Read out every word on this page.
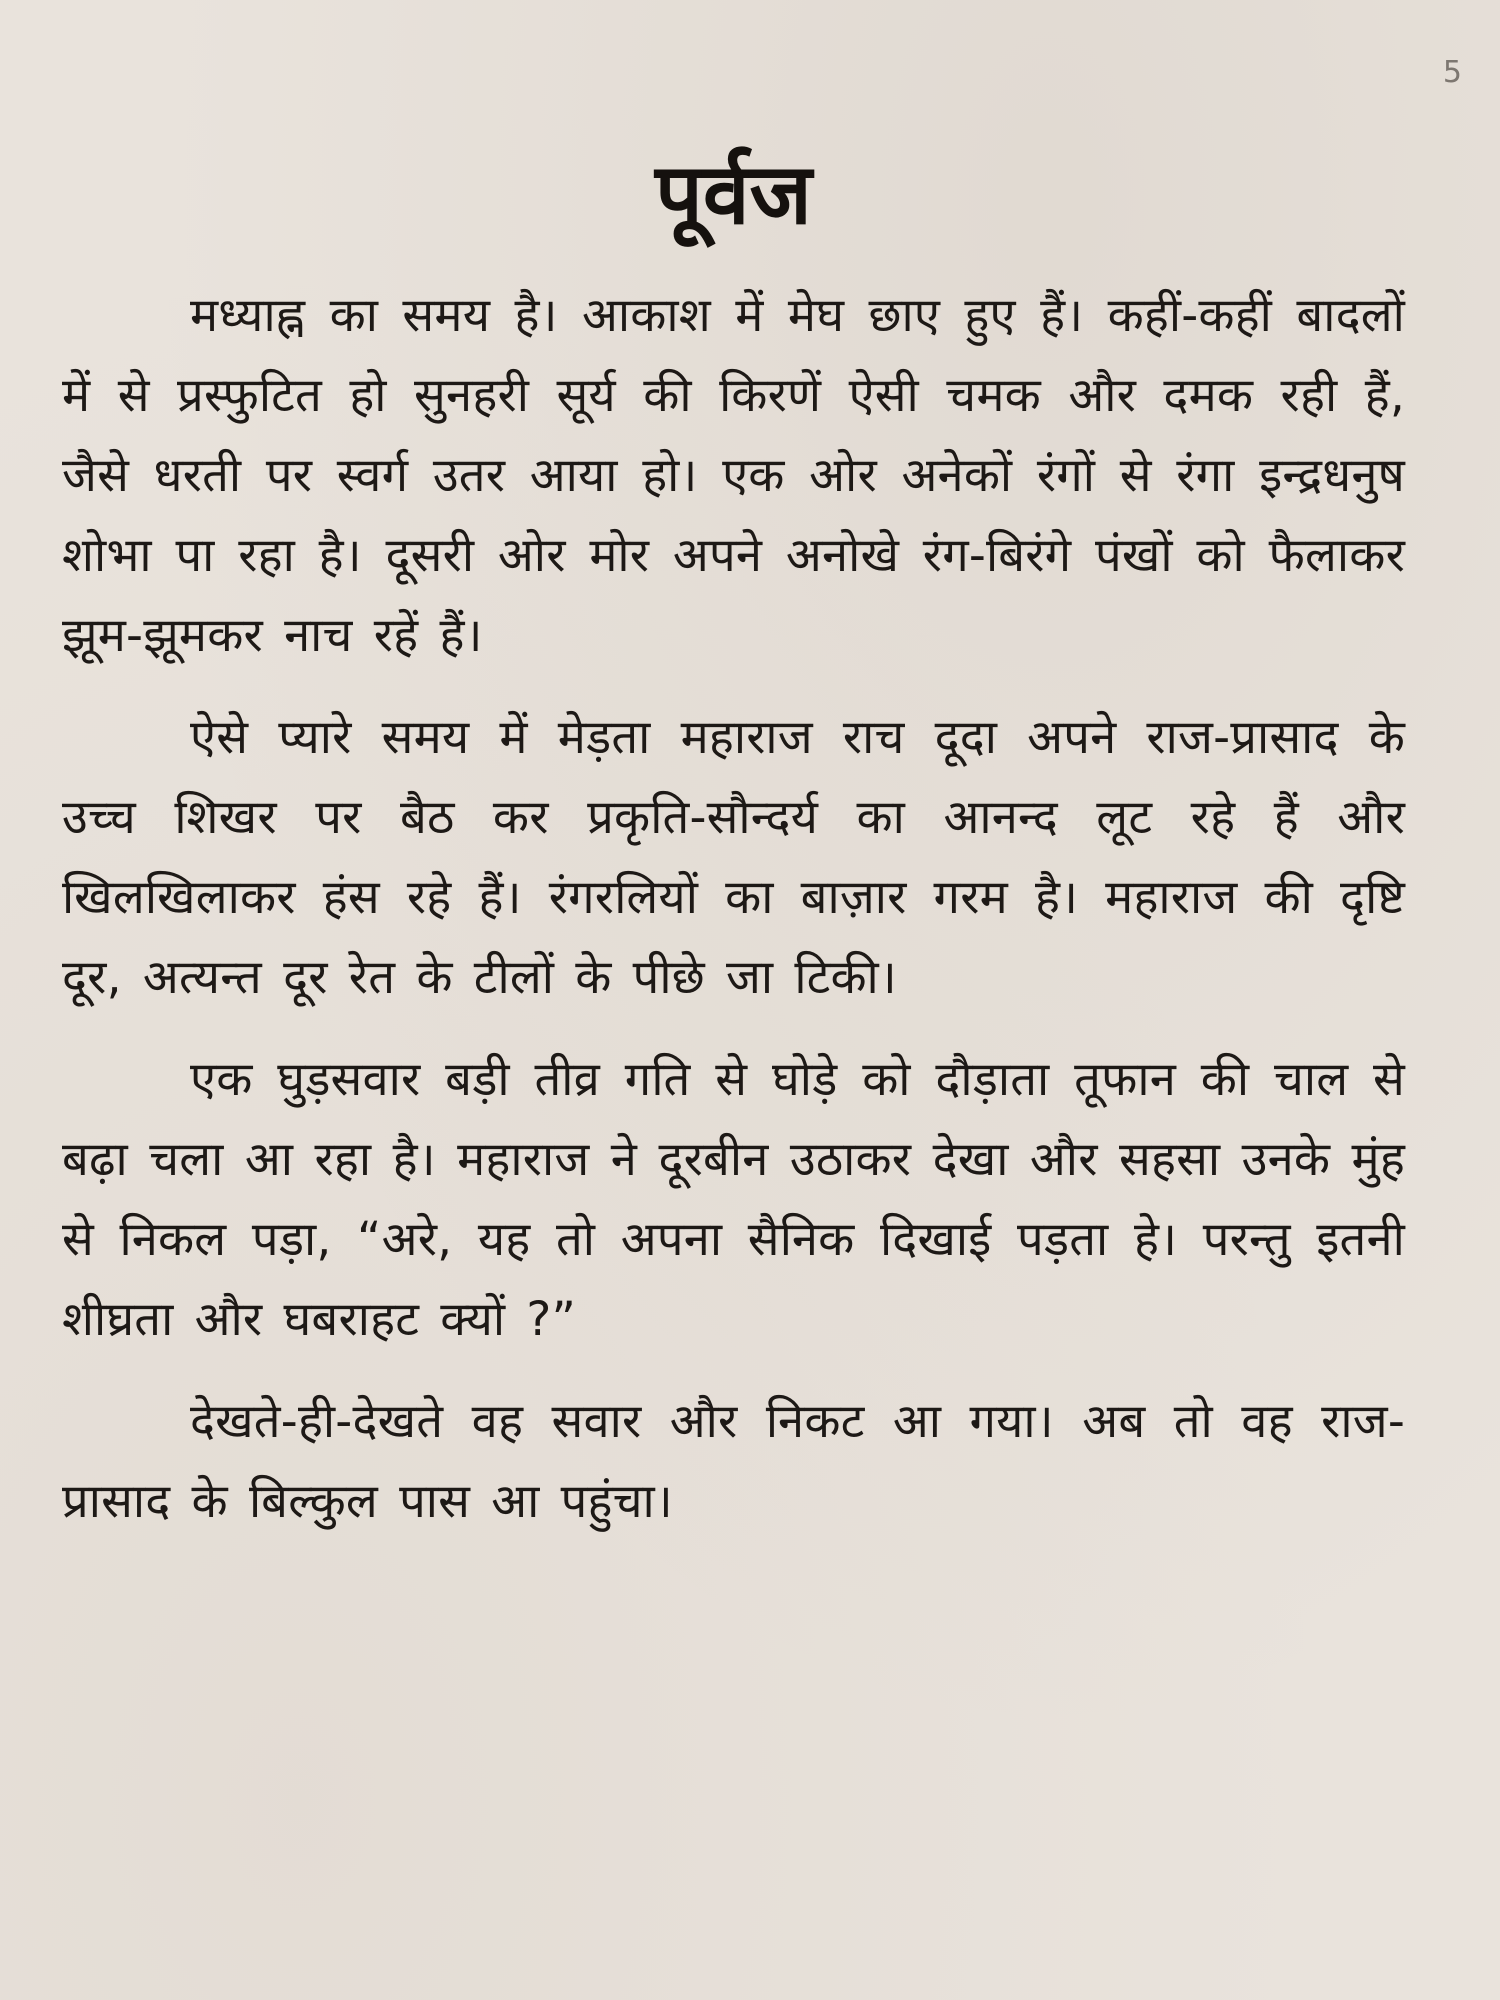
5
पूर्वज

मध्याह्न का समय है। आकाश में मेघ छाए हुए हैं। कहीं-कहीं बादलों में से प्रस्फुटित हो सुनहरी सूर्य की किरणें ऐसी चमक और दमक रही हैं, जैसे धरती पर स्वर्ग उतर आया हो। एक ओर अनेकों रंगों से रंगा इन्द्रधनुष शोभा पा रहा है। दूसरी ओर मोर अपने अनोखे रंग-बिरंगे पंखों को फैलाकर झूम-झूमकर नाच रहें हैं।

ऐसे प्यारे समय में मेड़ता महाराज राच दूदा अपने राज-प्रासाद के उच्च शिखर पर बैठ कर प्रकृति-सौन्दर्य का आनन्द लूट रहे हैं और खिलखिलाकर हंस रहे हैं। रंगरलियों का बाज़ार गरम है। महाराज की दृष्टि दूर, अत्यन्त दूर रेत के टीलों के पीछे जा टिकी।

एक घुड़सवार बड़ी तीव्र गति से घोड़े को दौड़ाता तूफान की चाल से बढ़ा चला आ रहा है। महाराज ने दूरबीन उठाकर देखा और सहसा उनके मुंह से निकल पड़ा, “अरे, यह तो अपना सैनिक दिखाई पड़ता हे। परन्तु इतनी शीघ्रता और घबराहट क्यों ?”

देखते-ही-देखते वह सवार और निकट आ गया। अब तो वह राज-प्रासाद के बिल्कुल पास आ पहुंचा।
